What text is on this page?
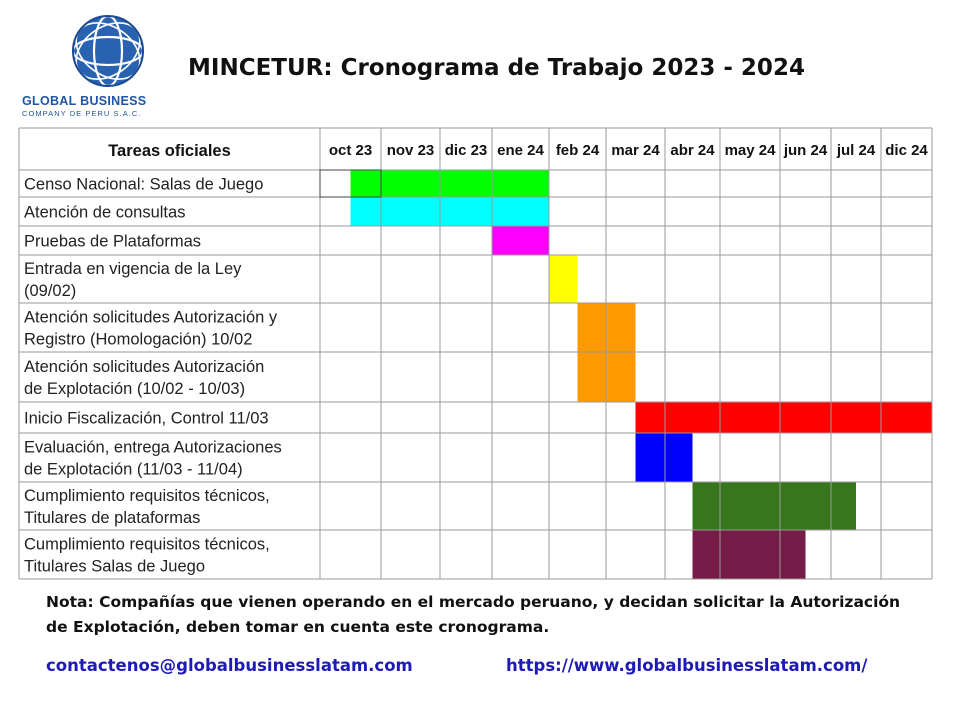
GLOBAL BUSINESS
COMPANY DE PERU S.A.C.
MINCETUR: Cronograma de Trabajo 2023 - 2024
Tareas oficiales	oct 23 nov 23 dic 23 ene 24 feb 24 mar 24 abr 24 may 24 jun 24 jul 24 dic 24
Censo Nacional: Salas de Juego
Atención de consultas
Pruebas de Plataformas
Entrada en vigencia de la Ley
(09/02)
Atención solicitudes Autorización y
Registro (Homologación) 10/02
Atención solicitudes Autorización
de Explotación (10/02 - 10/03)
Inicio Fiscalización, Control 11/03
Evaluación, entrega Autorizaciones
de Explotación (11/03 - 11/04)
Cumplimiento requisitos técnicos,
Titulares de plataformas
Cumplimiento requisitos técnicos,
Titulares Salas de Juego
Nota: Compañías que vienen operando en el mercado peruano, y decidan solicitar la Autorización de Explotación, deben tomar en cuenta este cronograma.

contactenos@globalbusinesslatam.com	https://www.globalbusinesslatam.com/
